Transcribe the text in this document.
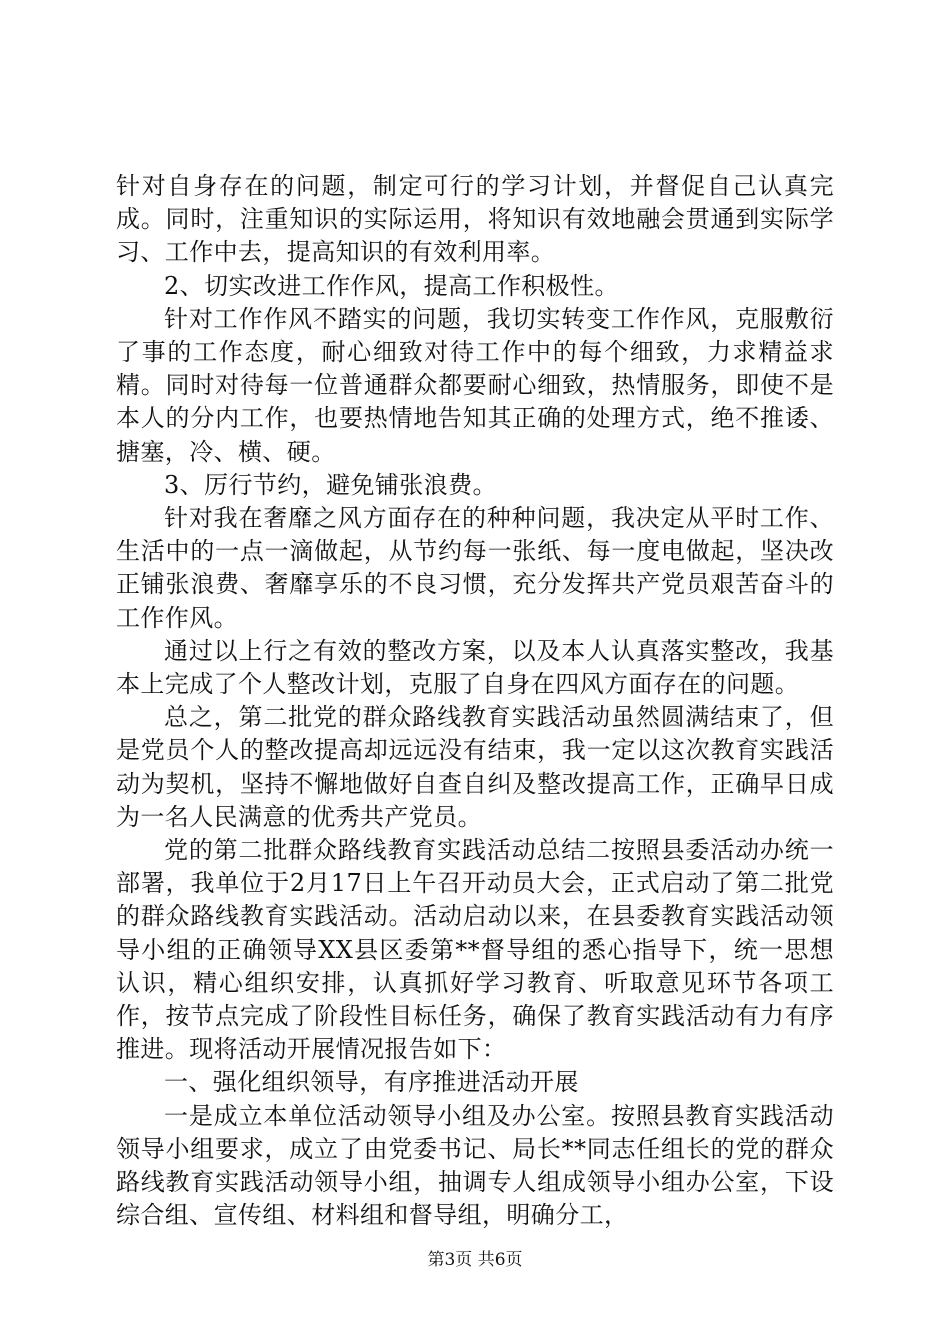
针对自身存在的问题，制定可行的学习计划，并督促自己认真完成。同时，注重知识的实际运用，将知识有效地融会贯通到实际学习、工作中去，提高知识的有效利用率。

2、切实改进工作作风，提高工作积极性。

针对工作作风不踏实的问题，我切实转变工作作风，克服敷衍了事的工作态度，耐心细致对待工作中的每个细致，力求精益求精。同时对待每一位普通群众都要耐心细致，热情服务，即使不是本人的分内工作，也要热情地告知其正确的处理方式，绝不推诿、搪塞，冷、横、硬。

3、厉行节约，避免铺张浪费。

针对我在奢靡之风方面存在的种种问题，我决定从平时工作、生活中的一点一滴做起，从节约每一张纸、每一度电做起，坚决改正铺张浪费、奢靡享乐的不良习惯，充分发挥共产党员艰苦奋斗的工作作风。

通过以上行之有效的整改方案，以及本人认真落实整改，我基本上完成了个人整改计划，克服了自身在四风方面存在的问题。

总之，第二批党的群众路线教育实践活动虽然圆满结束了，但是党员个人的整改提高却远远没有结束，我一定以这次教育实践活动为契机，坚持不懈地做好自查自纠及整改提高工作，正确早日成为一名人民满意的优秀共产党员。

党的第二批群众路线教育实践活动总结二按照县委活动办统一部署，我单位于2月17日上午召开动员大会，正式启动了第二批党的群众路线教育实践活动。活动启动以来，在县委教育实践活动领导小组的正确领导XX县区委第**督导组的悉心指导下，统一思想认识，精心组织安排，认真抓好学习教育、听取意见环节各项工作，按节点完成了阶段性目标任务，确保了教育实践活动有力有序推进。现将活动开展情况报告如下：

一、强化组织领导，有序推进活动开展

一是成立本单位活动领导小组及办公室。按照县教育实践活动领导小组要求，成立了由党委书记、局长**同志任组长的党的群众路线教育实践活动领导小组，抽调专人组成领导小组办公室，下设综合组、宣传组、材料组和督导组，明确分工，

第3页 共6页
